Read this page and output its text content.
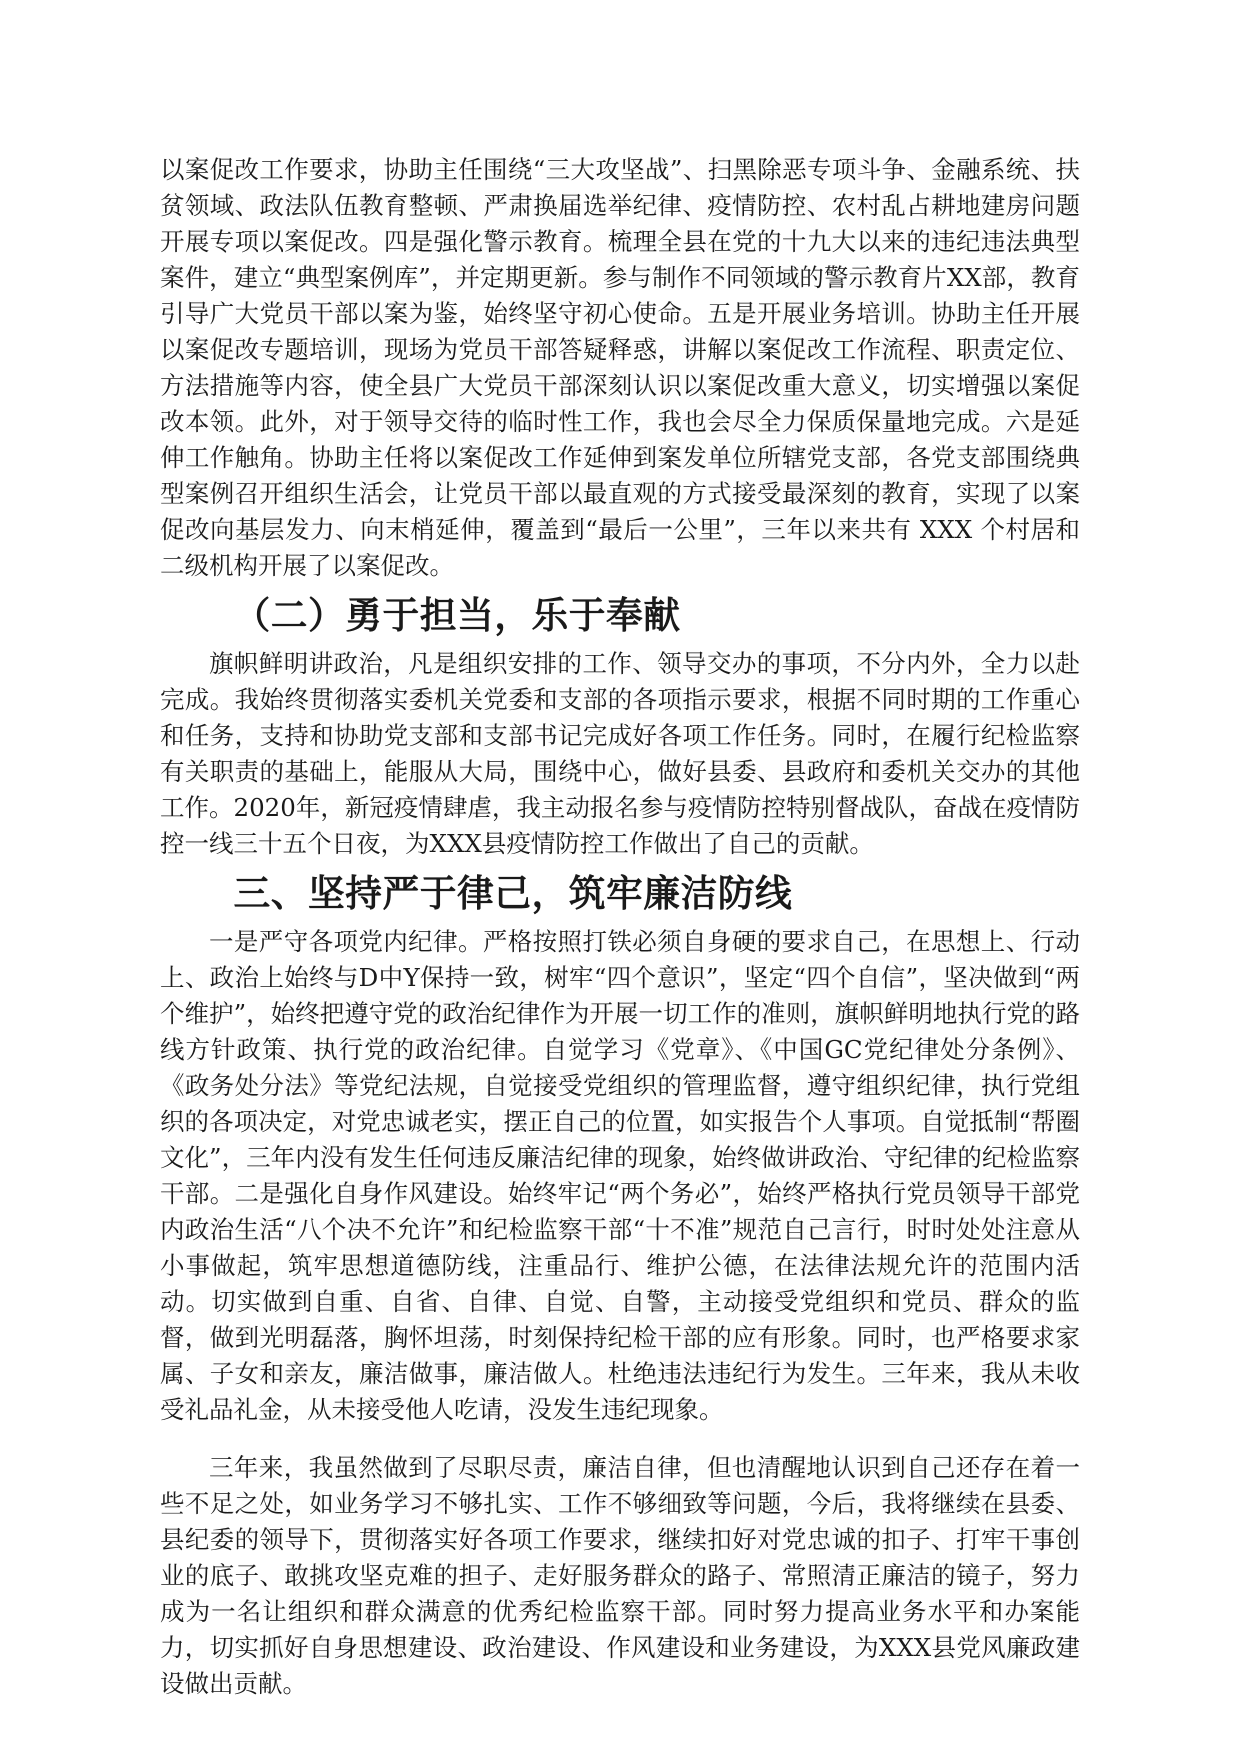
以案促改工作要求，协助主任围绕“三大攻坚战”、扫黑除恶专项斗争、金融系统、扶贫领域、政法队伍教育整顿、严肃换届选举纪律、疫情防控、农村乱占耕地建房问题开展专项以案促改。四是强化警示教育。梳理全县在党的十九大以来的违纪违法典型案件，建立“典型案例库”，并定期更新。参与制作不同领域的警示教育片XX部，教育引导广大党员干部以案为鉴，始终坚守初心使命。五是开展业务培训。协助主任开展以案促改专题培训，现场为党员干部答疑释惑，讲解以案促改工作流程、职责定位、方法措施等内容，使全县广大党员干部深刻认识以案促改重大意义，切实增强以案促改本领。此外，对于领导交待的临时性工作，我也会尽全力保质保量地完成。六是延伸工作触角。协助主任将以案促改工作延伸到案发单位所辖党支部，各党支部围绕典型案例召开组织生活会，让党员干部以最直观的方式接受最深刻的教育，实现了以案促改向基层发力、向末梢延伸，覆盖到“最后一公里”，三年以来共有 XXX 个村居和二级机构开展了以案促改。

（二）勇于担当，乐于奉献

旗帜鲜明讲政治，凡是组织安排的工作、领导交办的事项，不分内外，全力以赴完成。我始终贯彻落实委机关党委和支部的各项指示要求，根据不同时期的工作重心和任务，支持和协助党支部和支部书记完成好各项工作任务。同时，在履行纪检监察有关职责的基础上，能服从大局，围绕中心，做好县委、县政府和委机关交办的其他工作。2020年，新冠疫情肆虐，我主动报名参与疫情防控特别督战队，奋战在疫情防控一线三十五个日夜，为XXX县疫情防控工作做出了自己的贡献。

三、坚持严于律己，筑牢廉洁防线

一是严守各项党内纪律。严格按照打铁必须自身硬的要求自己，在思想上、行动上、政治上始终与D中Y保持一致，树牢“四个意识”，坚定“四个自信”，坚决做到“两个维护”，始终把遵守党的政治纪律作为开展一切工作的准则，旗帜鲜明地执行党的路线方针政策、执行党的政治纪律。自觉学习《党章》、《中国GC党纪律处分条例》、《政务处分法》等党纪法规，自觉接受党组织的管理监督，遵守组织纪律，执行党组织的各项决定，对党忠诚老实，摆正自己的位置，如实报告个人事项。自觉抵制“帮圈文化”，三年内没有发生任何违反廉洁纪律的现象，始终做讲政治、守纪律的纪检监察干部。二是强化自身作风建设。始终牢记“两个务必”，始终严格执行党员领导干部党内政治生活“八个决不允许”和纪检监察干部“十不准”规范自己言行，时时处处注意从小事做起，筑牢思想道德防线，注重品行、维护公德，在法律法规允许的范围内活动。切实做到自重、自省、自律、自觉、自警，主动接受党组织和党员、群众的监督，做到光明磊落，胸怀坦荡，时刻保持纪检干部的应有形象。同时，也严格要求家属、子女和亲友，廉洁做事，廉洁做人。杜绝违法违纪行为发生。三年来，我从未收受礼品礼金，从未接受他人吃请，没发生违纪现象。

三年来，我虽然做到了尽职尽责，廉洁自律，但也清醒地认识到自己还存在着一些不足之处，如业务学习不够扎实、工作不够细致等问题，今后，我将继续在县委、县纪委的领导下，贯彻落实好各项工作要求，继续扣好对党忠诚的扣子、打牢干事创业的底子、敢挑攻坚克难的担子、走好服务群众的路子、常照清正廉洁的镜子，努力成为一名让组织和群众满意的优秀纪检监察干部。同时努力提高业务水平和办案能力，切实抓好自身思想建设、政治建设、作风建设和业务建设，为XXX县党风廉政建设做出贡献。
